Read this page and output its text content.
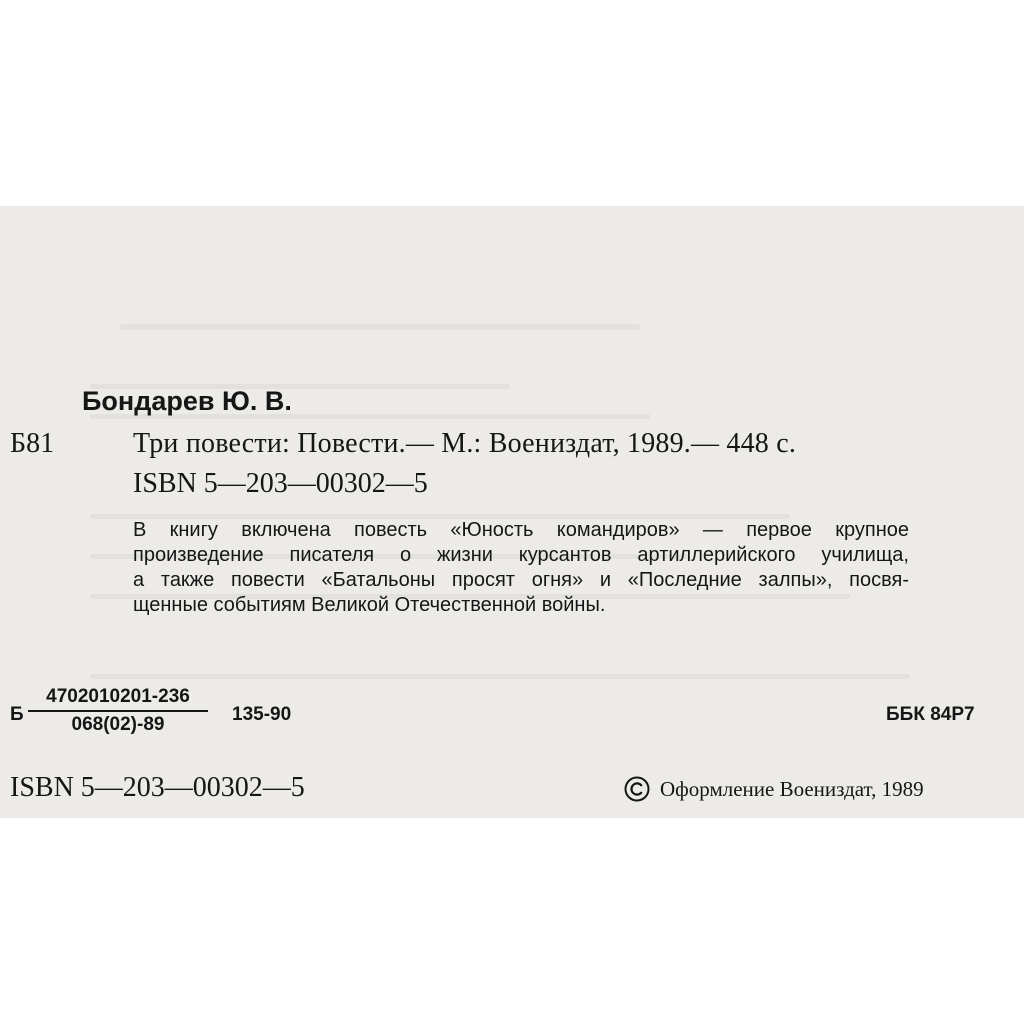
Бондарев Ю. В.
Б81	Три повести: Повести.— М.: Воениздат, 1989.— 448 с.
ISBN 5—203—00302—5

В книгу включена повесть «Юность командиров» — первое крупное

произведение писателя о жизни курсантов артиллерийского училища,

а также повести «Батальоны просят огня» и «Последние залпы», посвя-

щенные событиям Великой Отечественной войны.

Б
4702010201-236
068(02)-89	135-90	ББК 84Р7
ISBN 5—203—00302—5	Оформление Воениздат, 1989
